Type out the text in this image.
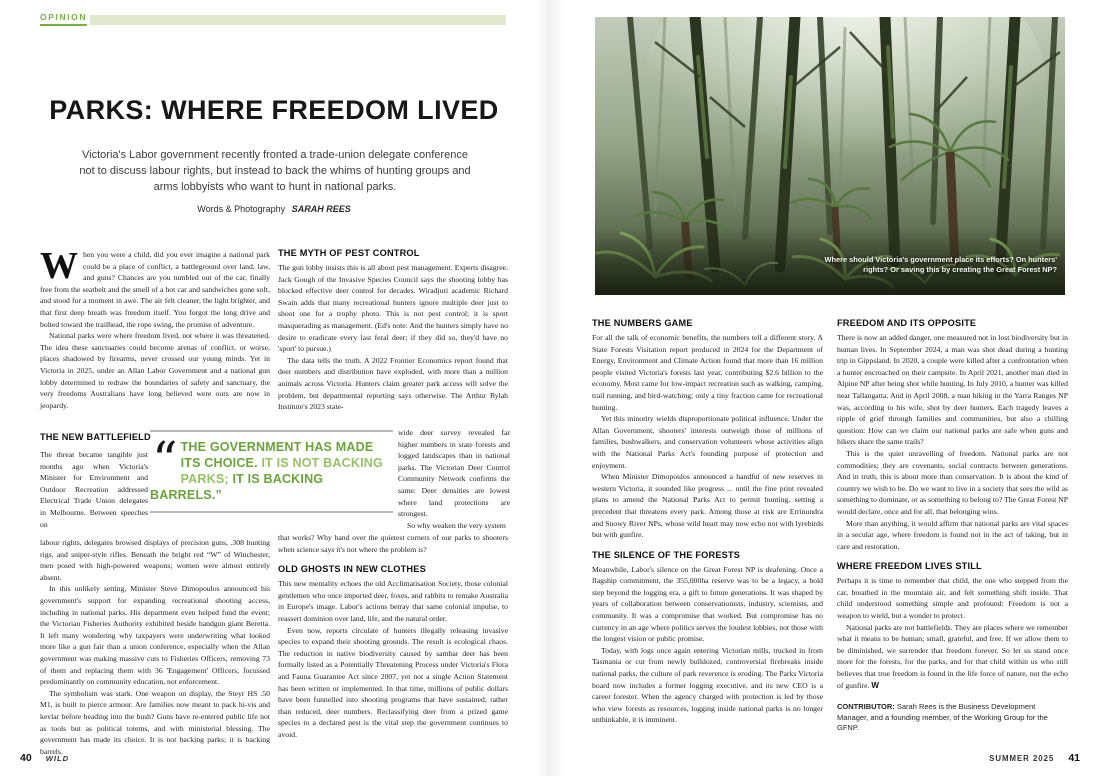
OPINION
PARKS: WHERE FREEDOM LIVED
Victoria's Labor government recently fronted a trade-union delegate conference not to discuss labour rights, but instead to back the whims of hunting groups and arms lobbyists who want to hunt in national parks.
Words & Photography SARAH REES

When you were a child, did you ever imagine a national park could be a place of conflict, a battleground over land, law, and guns? Chances are you tumbled out of the car, finally free from the seatbelt and the smell of a hot car and sandwiches gone soft, and stood for a moment in awe. The air felt cleaner, the light brighter, and that first deep breath was freedom itself. You forgot the long drive and bolted toward the trailhead, the rope swing, the promise of adventure.

National parks were where freedom lived, not where it was threatened. The idea these sanctuaries could become arenas of conflict, or worse, places shadowed by firearms, never crossed our young minds. Yet in Victoria in 2025, under an Allan Labor Government and a national gun lobby determined to redraw the boundaries of safety and sanctuary, the very freedoms Australians have long believed were ours are now in jeopardy.

THE NEW BATTLEFIELD

The threat became tangible just months ago when Victoria's Minister for Environment and Outdoor Recreation addressed Electrical Trade Union delegates in Melbourne. Between speeches on

labour rights, delegates browsed displays of precision guns, .308 hunting rigs, and sniper-style rifles. Beneath the bright red “W” of Winchester, men posed with high-powered weapons; women were almost entirely absent.

In this unlikely setting, Minister Steve Dimopoulos announced his government's support for expanding recreational shooting access, including in national parks. His department even helped fund the event; the Victorian Fisheries Authority exhibited beside handgun giant Beretta. It left many wondering why taxpayers were underwriting what looked more like a gun fair than a union conference, especially when the Allan government was making massive cuts to Fisheries Officers, removing 73 of them and replacing them with 36 'Engagement' Officers, focussed predominantly on community education, not enforcement.

The symbolism was stark. One weapon on display, the Steyr HS .50 M1, is built to pierce armour. Are families now meant to pack hi-vis and kevlar before heading into the bush? Guns have re-entered public life not as tools but as political totems, and with ministerial blessing. The government has made its choice. It is not backing parks; it is backing barrels.

“ THE GOVERNMENT HAS MADE ITS CHOICE. IT IS NOT BACKING PARKS; IT IS BACKING BARRELS.”
THE MYTH OF PEST CONTROL

The gun lobby insists this is all about pest management. Experts disagree. Jack Gough of the Invasive Species Council says the shooting lobby has blocked effective deer control for decades. Wiradjuri academic Richard Swain adds that many recreational hunters ignore multiple deer just to shoot one for a trophy photo. This is not pest control; it is sport masquerading as management. (Ed's note: And the hunters simply have no desire to eradicate every last feral deer; if they did so, they'd have no 'sport' to pursue.)

The data tells the truth. A 2022 Frontier Economics report found that deer numbers and distribution have exploded, with more than a million animals across Victoria. Hunters claim greater park access will solve the problem, but departmental reporting says otherwise. The Arthur Rylah Institute's 2023 state-

wide deer survey revealed far higher numbers in state forests and logged landscapes than in national parks. The Victorian Deer Control Community Network confirms the same: Deer densities are lowest where land protections are strongest.

So why weaken the very system

that works? Why hand over the quietest corners of our parks to shooters when science says it's not where the problem is?

OLD GHOSTS IN NEW CLOTHES

This new mentality echoes the old Acclimatisation Society, those colonial gentlemen who once imported deer, foxes, and rabbits to remake Australia in Europe's image. Labor's actions betray that same colonial impulse, to reassert dominion over land, life, and the natural order.

Even now, reports circulate of hunters illegally releasing invasive species to expand their shooting grounds. The result is ecological chaos. The reduction in native biodiversity caused by sambar deer has been formally listed as a Potentially Threatening Process under Victoria's Flora and Fauna Guarantee Act since 2007, yet not a single Action Statement has been written or implemented. In that time, millions of public dollars have been funnelled into shooting programs that have sustained, rather than reduced, deer numbers. Reclassifying deer from a prized game species to a declared pest is the vital step the government continues to avoid.

Where should Victoria's government place its efforts? On hunters' rights? Or saving this by creating the Great Forest NP?
THE NUMBERS GAME

For all the talk of economic benefits, the numbers tell a different story. A State Forests Visitation report produced in 2024 for the Department of Energy, Environment and Climate Action found that more than 16 million people visited Victoria's forests last year, contributing $2.6 billion to the economy. Most came for low-impact recreation such as walking, camping, trail running, and bird-watching; only a tiny fraction came for recreational hunting.

Yet this minority wields disproportionate political influence. Under the Allan Government, shooters' interests outweigh those of millions of families, bushwalkers, and conservation volunteers whose activities align with the National Parks Act's founding purpose of protection and enjoyment.

When Minister Dimopoulos announced a handful of new reserves in western Victoria, it sounded like progress ... until the fine print revealed plans to amend the National Parks Act to permit hunting, setting a precedent that threatens every park. Among those at risk are Errinundra and Snowy River NPs, whose wild heart may now echo not with lyrebirds but with gunfire.

THE SILENCE OF THE FORESTS

Meanwhile, Labor's silence on the Great Forest NP is deafening. Once a flagship commitment, the 355,000ha reserve was to be a legacy, a bold step beyond the logging era, a gift to future generations. It was shaped by years of collaboration between conservationists, industry, scientists, and community. It was a compromise that worked. But compromise has no currency in an age where politics serves the loudest lobbies, not those with the longest vision or public promise.

Today, with logs once again entering Victorian mills, trucked in from Tasmania or cut from newly bulldozed, controversial firebreaks inside national parks, the culture of park reverence is eroding. The Parks Victoria board now includes a former logging executive, and its new CEO is a career forester. When the agency charged with protection is led by those who view forests as resources, logging inside national parks is no longer unthinkable, it is imminent.

FREEDOM AND ITS OPPOSITE

There is now an added danger, one measured not in lost biodiversity but in human lives. In September 2024, a man was shot dead during a hunting trip in Gippsland. In 2020, a couple were killed after a confrontation when a hunter encroached on their campsite. In April 2021, another man died in Alpine NP after being shot while hunting. In July 2010, a hunter was killed near Tallangatta. And in April 2008, a man hiking in the Yarra Ranges NP was, according to his wife, shot by deer hunters. Each tragedy leaves a ripple of grief through families and communities, but also a chilling question: How can we claim our national parks are safe when guns and hikers share the same trails?

This is the quiet unravelling of freedom. National parks are not commodities; they are covenants, social contracts between generations. And in truth, this is about more than conservation. It is about the kind of country we wish to be. Do we want to live in a society that sees the wild as something to dominate, or as something to belong to? The Great Forest NP would declare, once and for all, that belonging wins.

More than anything, it would affirm that national parks are vital spaces in a secular age, where freedom is found not in the act of taking, but in care and restoration.

WHERE FREEDOM LIVES STILL

Perhaps it is time to remember that child, the one who stepped from the car, breathed in the mountain air, and felt something shift inside. That child understood something simple and profound: Freedom is not a weapon to wield, but a wonder to protect.

National parks are not battlefields. They are places where we remember what it means to be human; small, grateful, and free. If we allow them to be diminished, we surrender that freedom forever. So let us stand once more for the forests, for the parks, and for that child within us who still believes that true freedom is found in the life force of nature, not the echo of gunfire. W

CONTRIBUTOR: Sarah Rees is the Business Development Manager, and a founding member, of the Working Group for the GFNP.
40 WILD	SUMMER 2025 41
